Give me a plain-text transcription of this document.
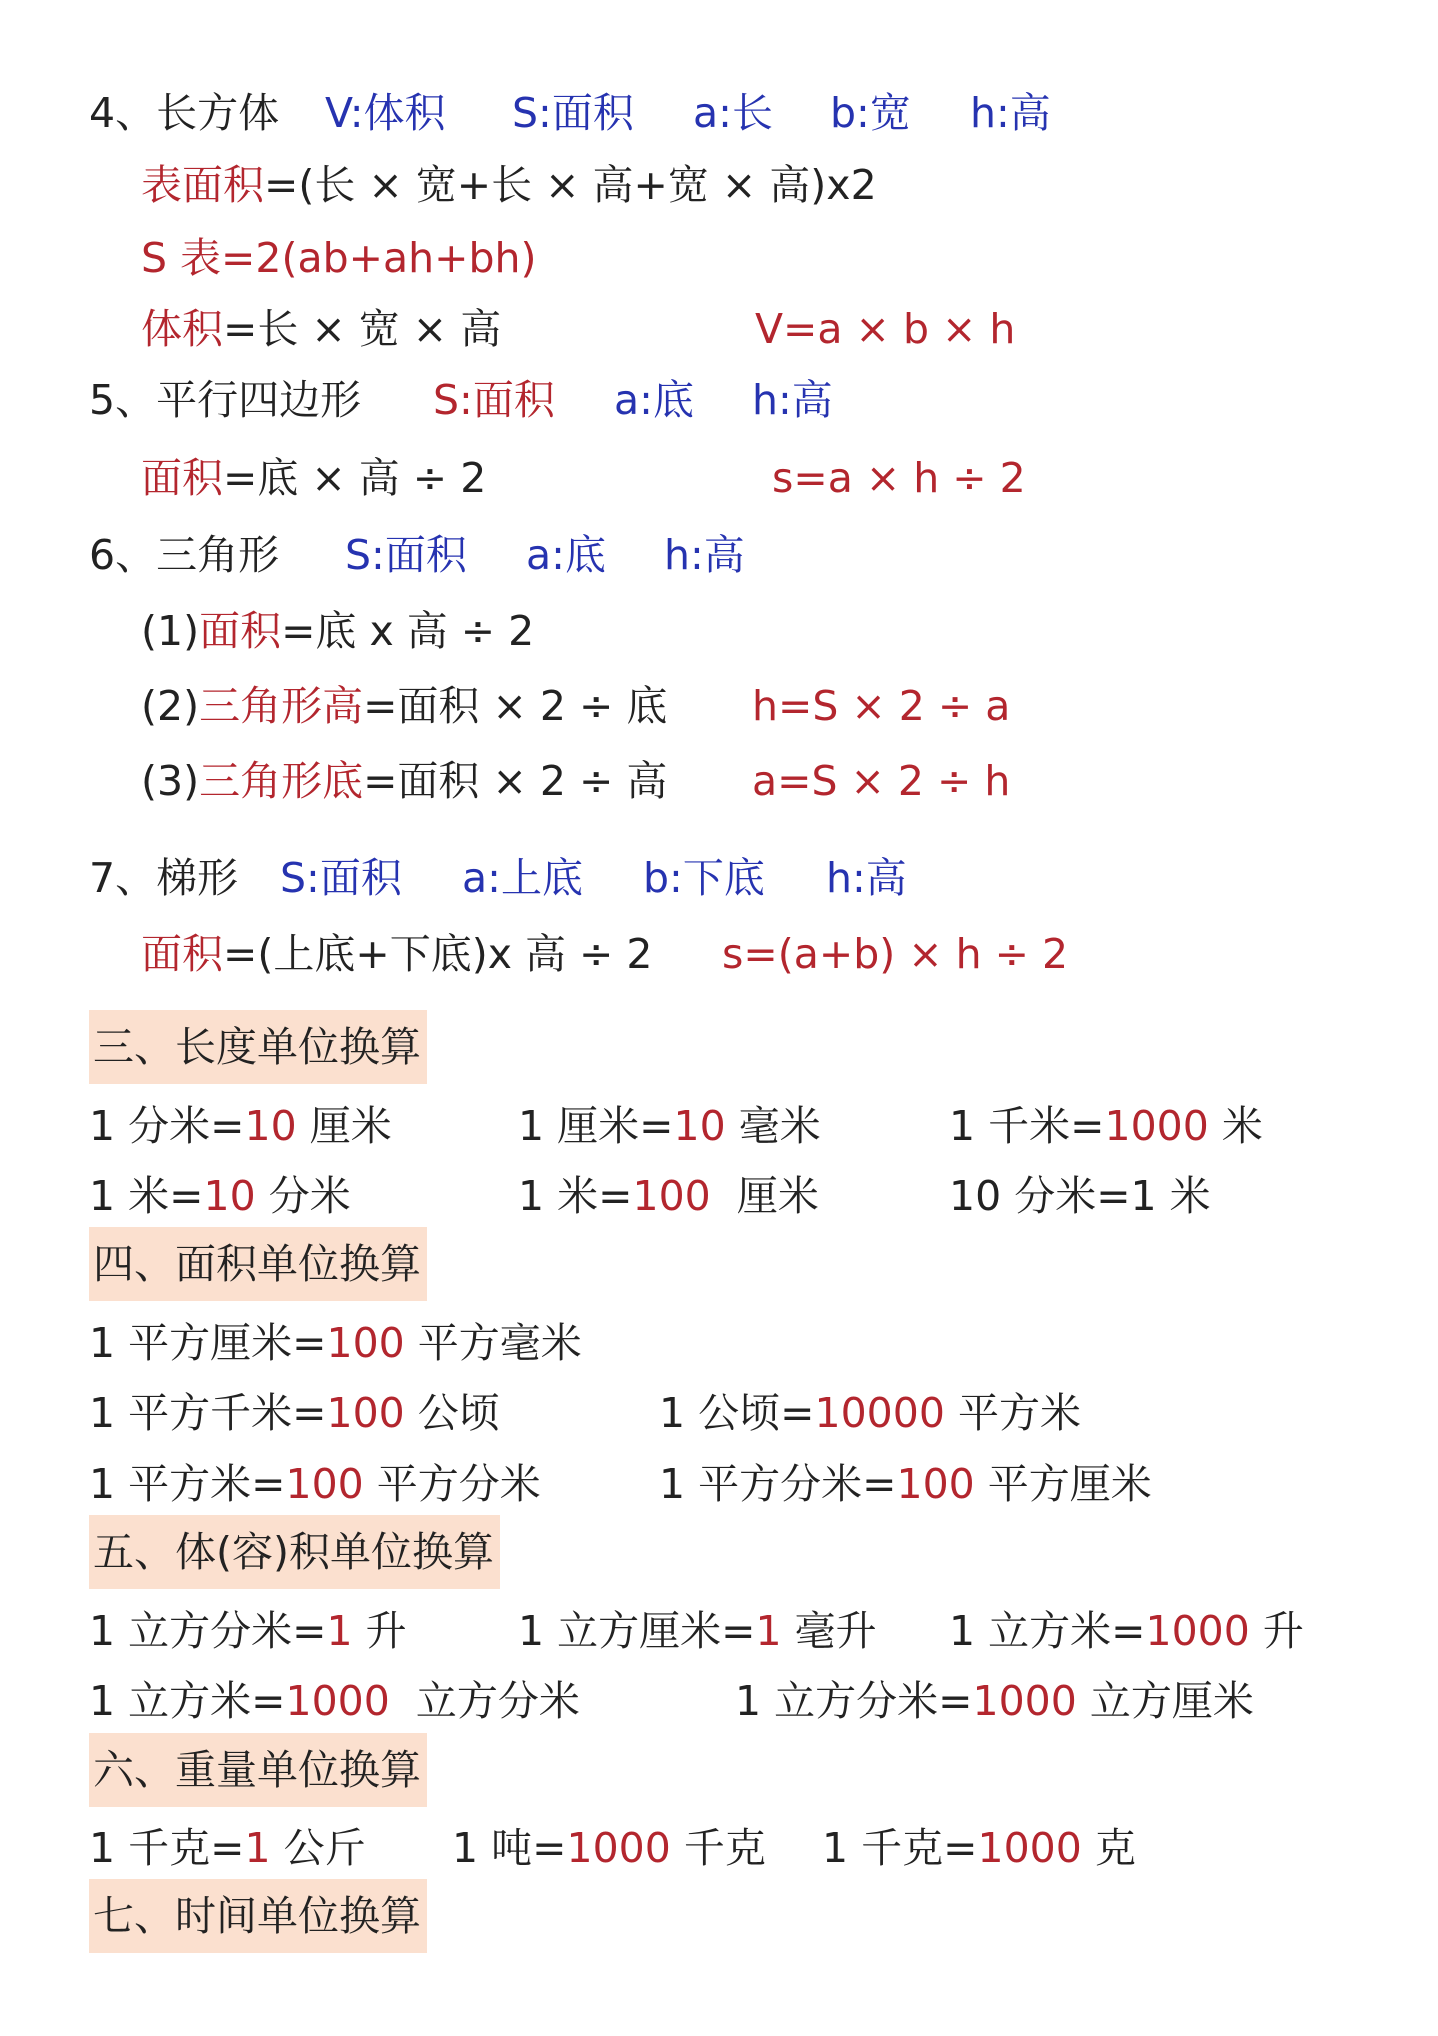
4、长方体 V:体积 S:面积 a:长 b:宽 h:高
表面积=(长 × 宽+长 × 高+宽 × 高)x2
S 表=2(ab+ah+bh)
体积=长 × 宽 × 高	V=a × b × h
5、平行四边形 S:面积 a:底 h:高
面积=底 × 高 ÷ 2	s=a × h ÷ 2
6、三角形 S:面积 a:底 h:高
(1)面积=底 x 高 ÷ 2
(2)三角形高=面积 × 2 ÷ 底 h=S × 2 ÷ a
(3)三角形底=面积 × 2 ÷ 高 a=S × 2 ÷ h
7、梯形 S:面积 a:上底 b:下底 h:高
面积=(上底+下底)x 高 ÷ 2 s=(a+b) × h ÷ 2
三、长度单位换算
1 分米=10 厘米	1 厘米=10 毫米	1 千米=1000 米
1 米=10 分米	1 米=100  厘米	10 分米=1 米
四、面积单位换算
1 平方厘米=100 平方毫米
1 平方千米=100 公顷	1 公顷=10000 平方米
1 平方米=100 平方分米	1 平方分米=100 平方厘米
五、体(容)积单位换算
1 立方分米=1 升	1 立方厘米=1 毫升 1 立方米=1000 升
1 立方米=1000  立方分米	1 立方分米=1000 立方厘米
六、重量单位换算
1 千克=1 公斤 1 吨=1000 千克 1 千克=1000 克
七、时间单位换算
